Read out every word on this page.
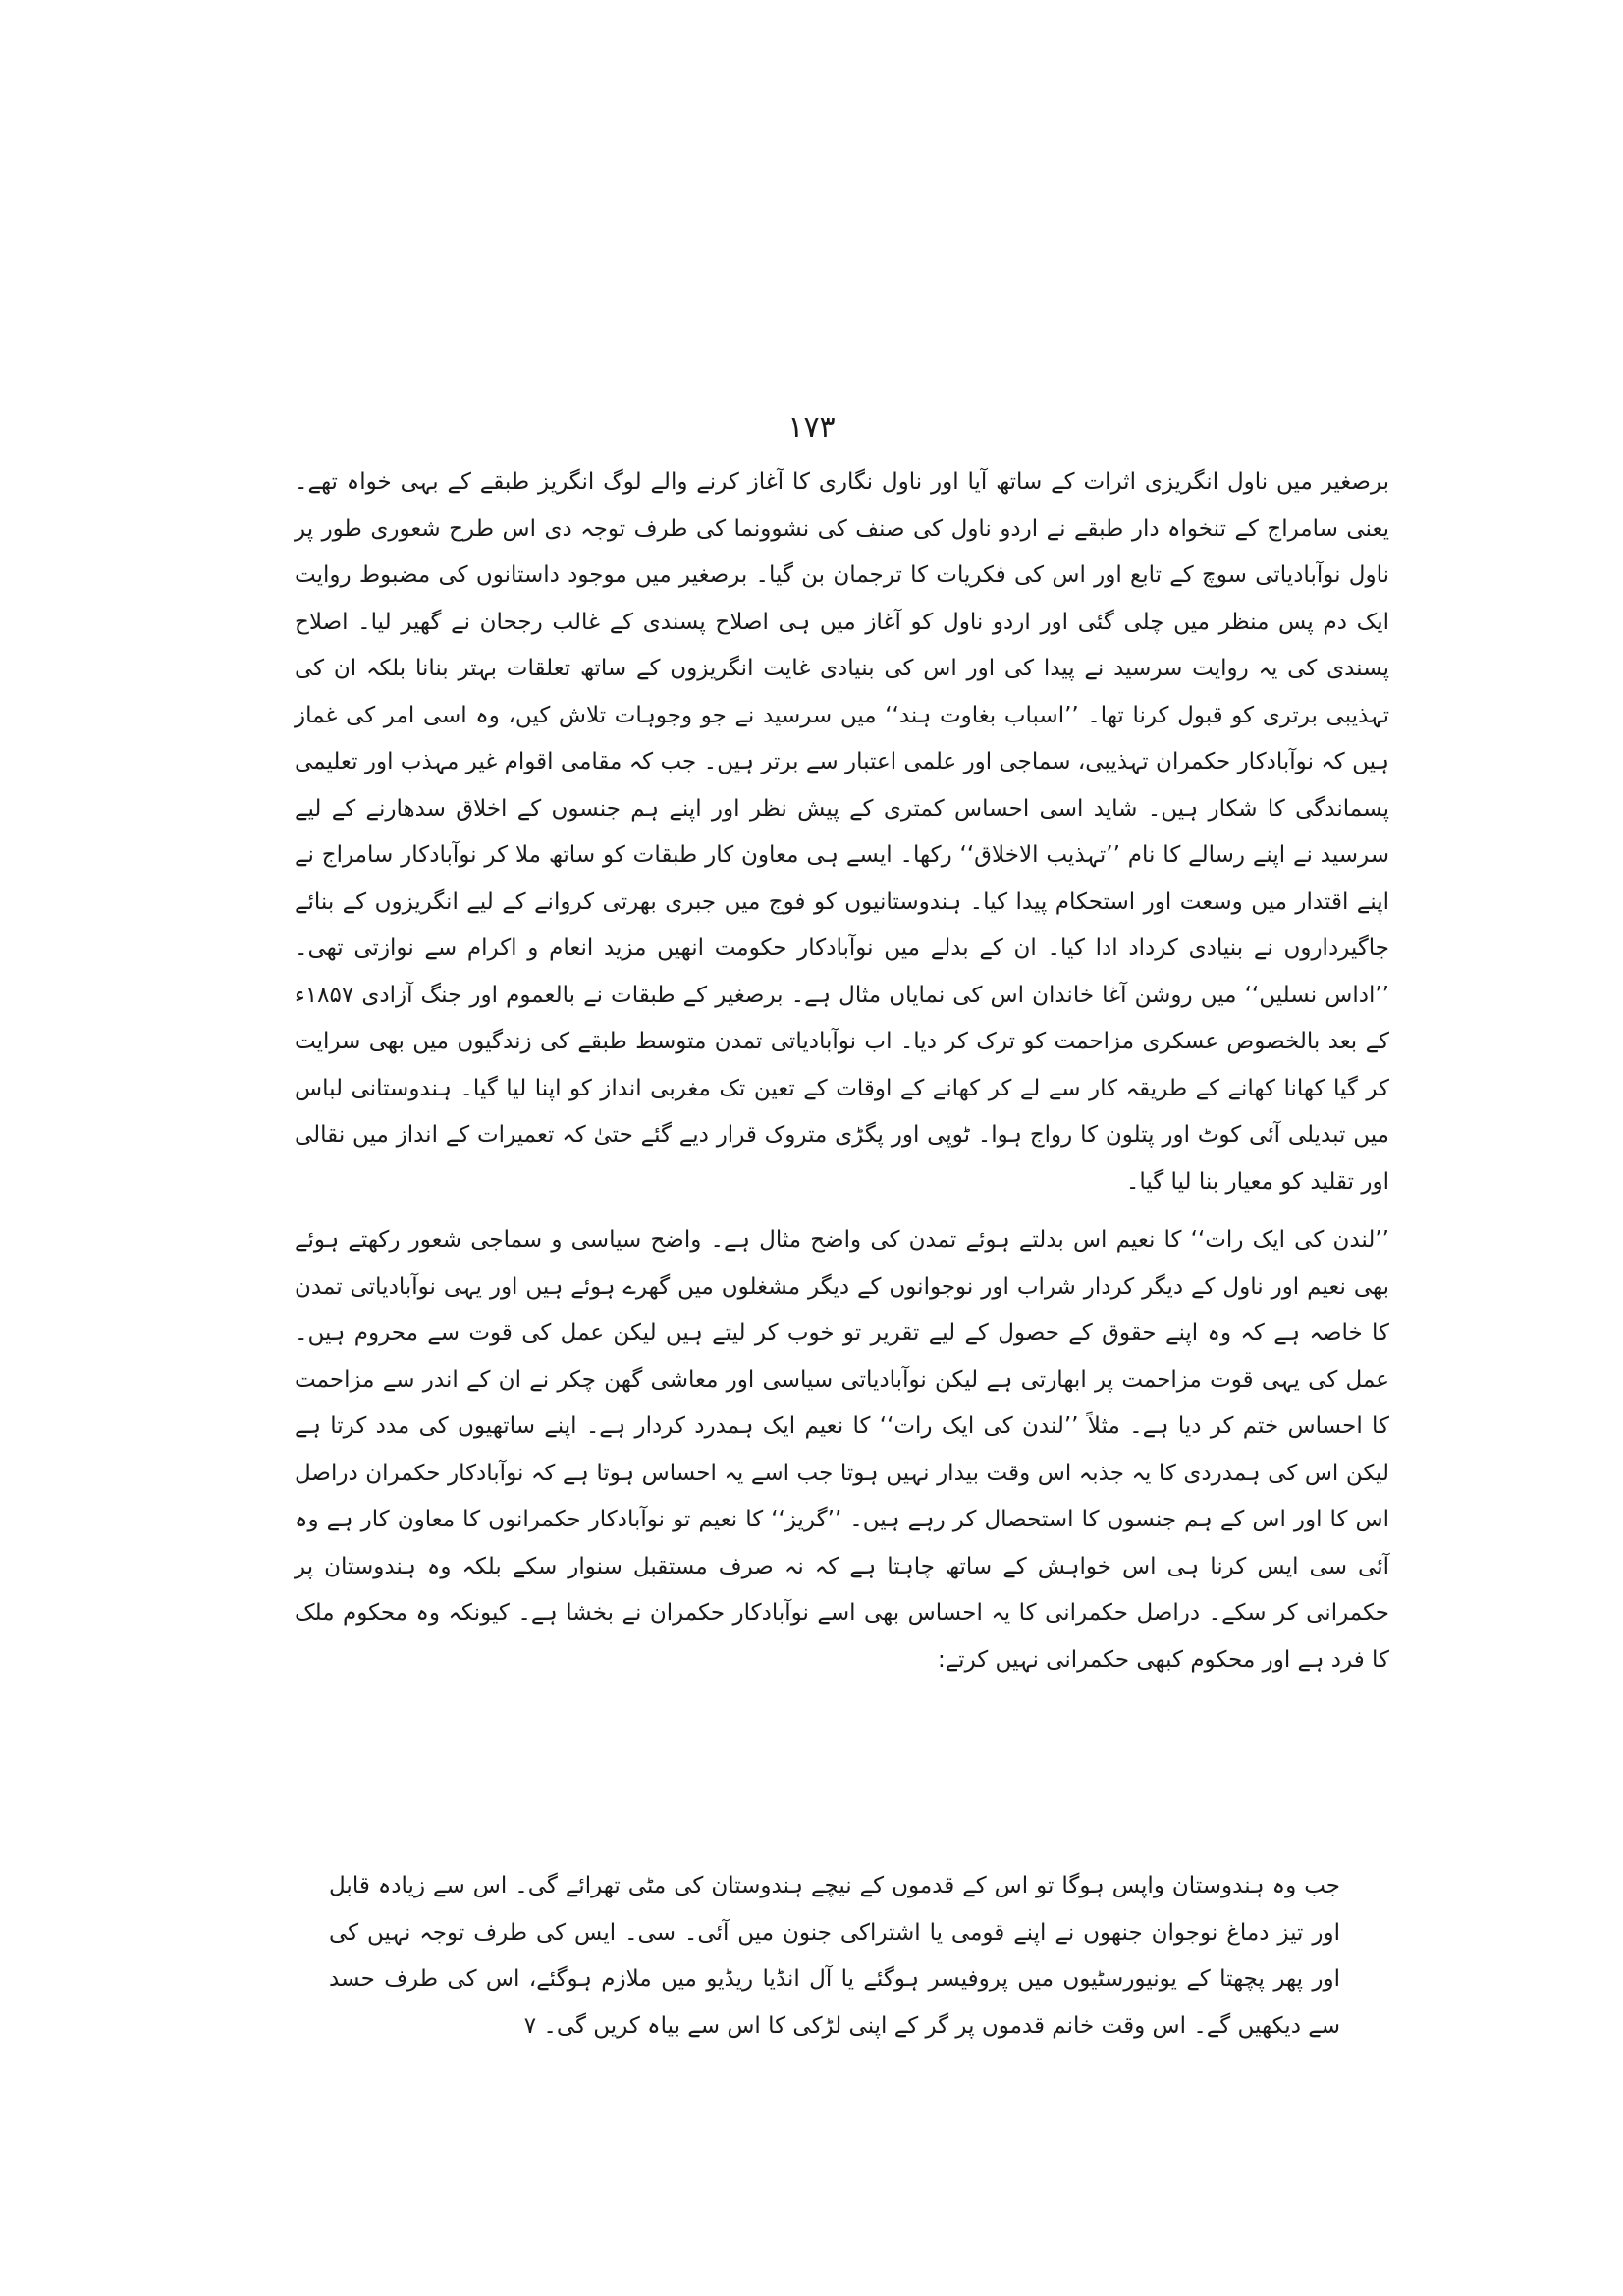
۱۷۳

برصغیر میں ناول انگریزی اثرات کے ساتھ آیا اور ناول نگاری کا آغاز کرنے والے لوگ انگریز طبقے کے بہی خواہ تھے۔ یعنی سامراج کے تنخواہ دار طبقے نے اردو ناول کی صنف کی نشوونما کی طرف توجہ دی اس طرح شعوری طور پر ناول نوآبادیاتی سوچ کے تابع اور اس کی فکریات کا ترجمان بن گیا۔ برصغیر میں موجود داستانوں کی مضبوط روایت ایک دم پس منظر میں چلی گئی اور اردو ناول کو آغاز میں ہی اصلاح پسندی کے غالب رجحان نے گھیر لیا۔ اصلاح پسندی کی یہ روایت سرسید نے پیدا کی اور اس کی بنیادی غایت انگریزوں کے ساتھ تعلقات بہتر بنانا بلکہ ان کی تہذیبی برتری کو قبول کرنا تھا۔ ’’اسباب بغاوت ہند‘‘ میں سرسید نے جو وجوہات تلاش کیں، وہ اسی امر کی غماز ہیں کہ نوآبادکار حکمران تہذیبی، سماجی اور علمی اعتبار سے برتر ہیں۔ جب کہ مقامی اقوام غیر مہذب اور تعلیمی پسماندگی کا شکار ہیں۔ شاید اسی احساس کمتری کے پیش نظر اور اپنے ہم جنسوں کے اخلاق سدھارنے کے لیے سرسید نے اپنے رسالے کا نام ’’تہذیب الاخلاق‘‘ رکھا۔ ایسے ہی معاون کار طبقات کو ساتھ ملا کر نوآبادکار سامراج نے اپنے اقتدار میں وسعت اور استحکام پیدا کیا۔ ہندوستانیوں کو فوج میں جبری بھرتی کروانے کے لیے انگریزوں کے بنائے جاگیرداروں نے بنیادی کرداد ادا کیا۔ ان کے بدلے میں نوآبادکار حکومت انھیں مزید انعام و اکرام سے نوازتی تھی۔ ’’اداس نسلیں‘‘ میں روشن آغا خاندان اس کی نمایاں مثال ہے۔ برصغیر کے طبقات نے بالعموم اور جنگ آزادی ۱۸۵۷ء کے بعد بالخصوص عسکری مزاحمت کو ترک کر دیا۔ اب نوآبادیاتی تمدن متوسط طبقے کی زندگیوں میں بھی سرایت کر گیا کھانا کھانے کے طریقہ کار سے لے کر کھانے کے اوقات کے تعین تک مغربی انداز کو اپنا لیا گیا۔ ہندوستانی لباس میں تبدیلی آئی کوٹ اور پتلون کا رواج ہوا۔ ٹوپی اور پگڑی متروک قرار دیے گئے حتیٰ کہ تعمیرات کے انداز میں نقالی اور تقلید کو معیار بنا لیا گیا۔

’’لندن کی ایک رات‘‘ کا نعیم اس بدلتے ہوئے تمدن کی واضح مثال ہے۔ واضح سیاسی و سماجی شعور رکھتے ہوئے بھی نعیم اور ناول کے دیگر کردار شراب اور نوجوانوں کے دیگر مشغلوں میں گھرے ہوئے ہیں اور یہی نوآبادیاتی تمدن کا خاصہ ہے کہ وہ اپنے حقوق کے حصول کے لیے تقریر تو خوب کر لیتے ہیں لیکن عمل کی قوت سے محروم ہیں۔ عمل کی یہی قوت مزاحمت پر ابھارتی ہے لیکن نوآبادیاتی سیاسی اور معاشی گھن چکر نے ان کے اندر سے مزاحمت کا احساس ختم کر دیا ہے۔ مثلاً ’’لندن کی ایک رات‘‘ کا نعیم ایک ہمدرد کردار ہے۔ اپنے ساتھیوں کی مدد کرتا ہے لیکن اس کی ہمدردی کا یہ جذبہ اس وقت بیدار نہیں ہوتا جب اسے یہ احساس ہوتا ہے کہ نوآبادکار حکمران دراصل اس کا اور اس کے ہم جنسوں کا استحصال کر رہے ہیں۔ ’’گریز‘‘ کا نعیم تو نوآبادکار حکمرانوں کا معاون کار ہے وہ آئی سی ایس کرنا ہی اس خواہش کے ساتھ چاہتا ہے کہ نہ صرف مستقبل سنوار سکے بلکہ وہ ہندوستان پر حکمرانی کر سکے۔ دراصل حکمرانی کا یہ احساس بھی اسے نوآبادکار حکمران نے بخشا ہے۔ کیونکہ وہ محکوم ملک کا فرد ہے اور محکوم کبھی حکمرانی نہیں کرتے:

جب وہ ہندوستان واپس ہوگا تو اس کے قدموں کے نیچے ہندوستان کی مٹی تھرائے گی۔ اس سے زیادہ قابل اور تیز دماغ نوجوان جنھوں نے اپنے قومی یا اشتراکی جنون میں آئی۔ سی۔ ایس کی طرف توجہ نہیں کی اور پھر پچھتا کے یونیورسٹیوں میں پروفیسر ہوگئے یا آل انڈیا ریڈیو میں ملازم ہوگئے، اس کی طرف حسد سے دیکھیں گے۔ اس وقت خانم قدموں پر گر کے اپنی لڑکی کا اس سے بیاہ کریں گی۔ ۷
